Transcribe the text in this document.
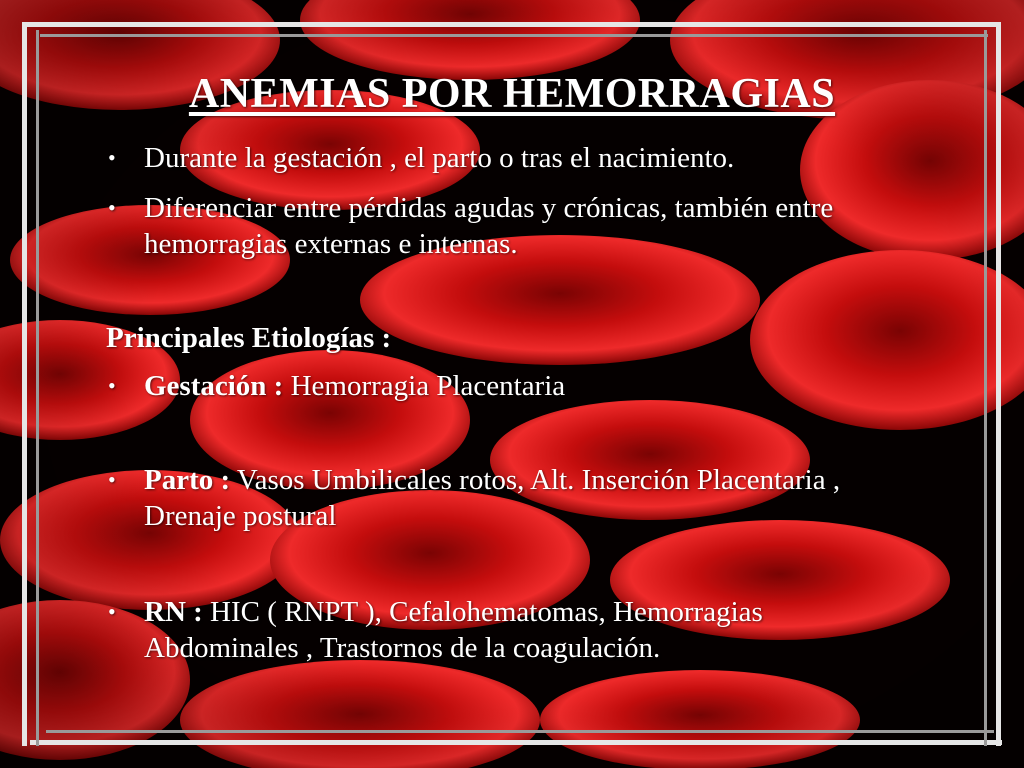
ANEMIAS POR HEMORRAGIAS
• Durante la gestación , el parto o tras el nacimiento.
• Diferenciar entre pérdidas agudas y crónicas, también entre hemorragias externas e internas.
Principales Etiologías :
• Gestación : Hemorragia Placentaria
• Parto : Vasos Umbilicales rotos, Alt. Inserción Placentaria , Drenaje postural
• RN : HIC ( RNPT ), Cefalohematomas, Hemorragias Abdominales , Trastornos de la coagulación.
